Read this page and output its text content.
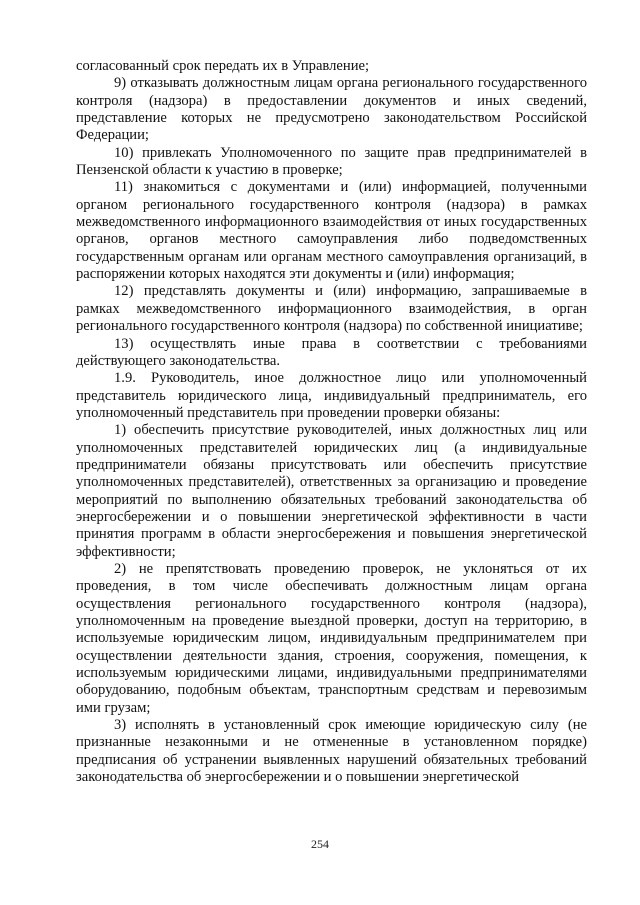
согласованный срок передать их в Управление;

9) отказывать должностным лицам органа регионального государственного контроля (надзора) в предоставлении документов и иных сведений, представление которых не предусмотрено законодательством Российской Федерации;

10) привлекать Уполномоченного по защите прав предпринимателей в Пензенской области к участию в проверке;

11) знакомиться с документами и (или) информацией, полученными органом регионального государственного контроля (надзора) в рамках межведомственного информационного взаимодействия от иных государственных органов, органов местного самоуправления либо подведомственных государственным органам или органам местного самоуправления организаций, в распоряжении которых находятся эти документы и (или) информация;

12) представлять документы и (или) информацию, запрашиваемые в рамках межведомственного информационного взаимодействия, в орган регионального государственного контроля (надзора) по собственной инициативе;

13) осуществлять иные права в соответствии с требованиями действующего законодательства.

1.9. Руководитель, иное должностное лицо или уполномоченный представитель юридического лица, индивидуальный предприниматель, его уполномоченный представитель при проведении проверки обязаны:

1) обеспечить присутствие руководителей, иных должностных лиц или уполномоченных представителей юридических лиц (а индивидуальные предприниматели обязаны присутствовать или обеспечить присутствие уполномоченных представителей), ответственных за организацию и проведение мероприятий по выполнению обязательных требований законодательства об энергосбережении и о повышении энергетической эффективности в части принятия программ в области энергосбережения и повышения энергетической эффективности;

2) не препятствовать проведению проверок, не уклоняться от их проведения, в том числе обеспечивать должностным лицам органа осуществления регионального государственного контроля (надзора), уполномоченным на проведение выездной проверки, доступ на территорию, в используемые юридическим лицом, индивидуальным предпринимателем при осуществлении деятельности здания, строения, сооружения, помещения, к используемым юридическими лицами, индивидуальными предпринимателями оборудованию, подобным объектам, транспортным средствам и перевозимым ими грузам;

3) исполнять в установленный срок имеющие юридическую силу (не признанные незаконными и не отмененные в установленном порядке) предписания об устранении выявленных нарушений обязательных требований законодательства об энергосбережении и о повышении энергетической

254
